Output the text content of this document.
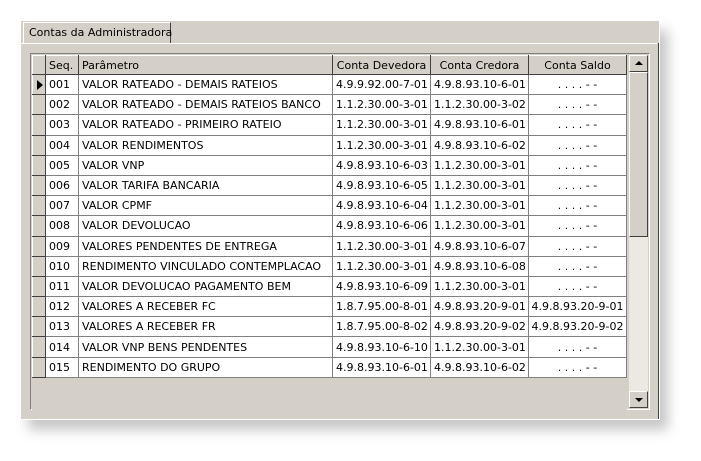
Contas da Administradora
	Seq.	Parâmetro	Conta Devedora	Conta Credora	Conta Saldo

	001	VALOR RATEADO - DEMAIS RATEIOS	4.9.9.92.00-7-01	4.9.8.93.10-6-01	. . . . - -
	002	VALOR RATEADO - DEMAIS RATEIOS BANCO	1.1.2.30.00-3-01	1.1.2.30.00-3-02	. . . . - -
	003	VALOR RATEADO - PRIMEIRO RATEIO	1.1.2.30.00-3-01	4.9.8.93.10-6-01	. . . . - -
	004	VALOR RENDIMENTOS	1.1.2.30.00-3-01	4.9.8.93.10-6-02	. . . . - -
	005	VALOR VNP	4.9.8.93.10-6-03	1.1.2.30.00-3-01	. . . . - -
	006	VALOR TARIFA BANCARIA	4.9.8.93.10-6-05	1.1.2.30.00-3-01	. . . . - -
	007	VALOR CPMF	4.9.8.93.10-6-04	1.1.2.30.00-3-01	. . . . - -
	008	VALOR DEVOLUCAO	4.9.8.93.10-6-06	1.1.2.30.00-3-01	. . . . - -
	009	VALORES PENDENTES DE ENTREGA	1.1.2.30.00-3-01	4.9.8.93.10-6-07	. . . . - -
	010	RENDIMENTO VINCULADO CONTEMPLACAO	1.1.2.30.00-3-01	4.9.8.93.10-6-08	. . . . - -
	011	VALOR DEVOLUCAO PAGAMENTO BEM	4.9.8.93.10-6-09	1.1.2.30.00-3-01	. . . . - -
	012	VALORES A RECEBER FC	1.8.7.95.00-8-01	4.9.8.93.20-9-01	4.9.8.93.20-9-01
	013	VALORES A RECEBER FR	1.8.7.95.00-8-02	4.9.8.93.20-9-02	4.9.8.93.20-9-02
	014	VALOR VNP BENS PENDENTES	4.9.8.93.10-6-10	1.1.2.30.00-3-01	. . . . - -
	015	RENDIMENTO DO GRUPO	4.9.8.93.10-6-01	4.9.8.93.10-6-02	. . . . - -
